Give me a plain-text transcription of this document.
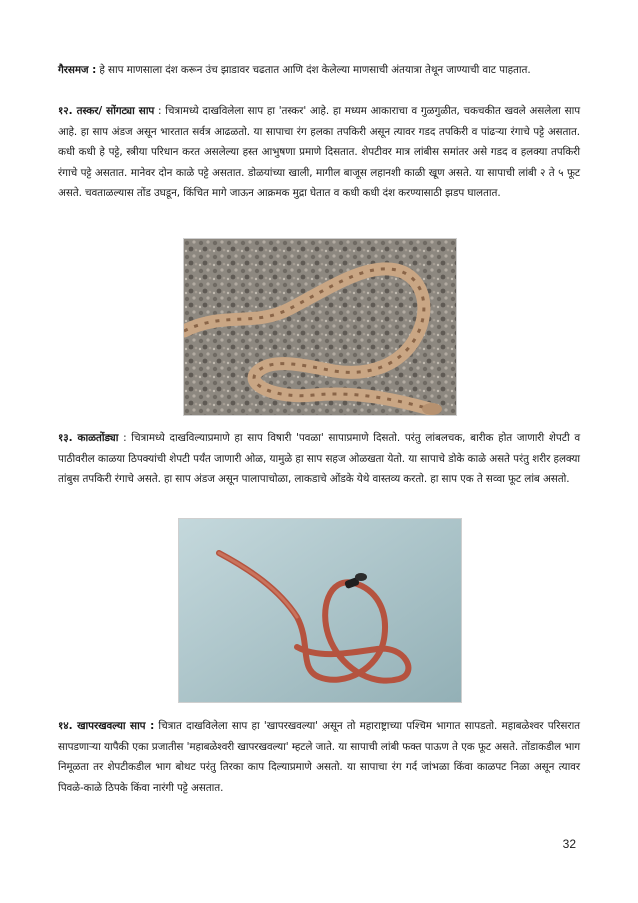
गैरसमज : हे साप माणसाला दंश करून उंच झाडावर चढतात आणि दंश केलेल्या माणसाची अंतयात्रा तेथून जाण्याची वाट पाहतात.

१२. तस्कर/ सोंगट्या साप : चित्रामध्ये दाखविलेला साप हा 'तस्कर' आहे. हा मध्यम आकाराचा व गुळगुळीत, चकचकीत खवले असलेला साप आहे. हा साप अंडज असून भारतात सर्वत्र आढळतो. या सापाचा रंग हलका तपकिरी असून त्यावर गडद तपकिरी व पांढऱ्या रंगाचे पट्टे असतात. कधी कधी हे पट्टे, स्त्रीया परिधान करत असलेल्या हस्त आभुषणा प्रमाणे दिसतात. शेपटीवर मात्र लांबीस समांतर असे गडद व हलक्या तपकिरी रंगाचे पट्टे असतात. मानेवर दोन काळे पट्टे असतात. डोळयांच्या खाली, मागील बाजूस लहानशी काळी खूण असते. या सापाची लांबी २ ते ५ फूट असते. चवताळल्यास तोंड उघडून, किंचित मागे जाऊन आक्रमक मुद्रा घेतात व कधी कधी दंश करण्यासाठी झडप घालतात.

१३. काळतोंड्या : चित्रामध्ये दाखविल्याप्रमाणे हा साप विषारी 'पवळा' सापाप्रमाणे दिसतो. परंतु लांबलचक, बारीक होत जाणारी शेपटी व पाठीवरील काळया ठिपक्यांची शेपटी पर्यंत जाणारी ओळ, यामुळे हा साप सहज ओळखता येतो. या सापाचे डोके काळे असते परंतु शरीर हलक्या तांबुस तपकिरी रंगाचे असते. हा साप अंडज असून पालापाचोळा, लाकडाचे ओंडके येथे वास्तव्य करतो. हा साप एक ते सव्वा फूट लांब असतो.

१४. खापरखवल्या साप : चित्रात दाखविलेला साप हा 'खापरखवल्या' असून तो महाराष्ट्राच्या पश्चिम भागात सापडतो. महाबळेश्वर परिसरात सापडणाऱ्या यापैकी एका प्रजातीस 'महाबळेश्वरी खापरखवल्या' म्हटले जाते. या सापाची लांबी फक्त पाऊण ते एक फूट असते. तोंडाकडील भाग निमूळता तर शेपटीकडील भाग बोथट परंतु तिरका काप दिल्याप्रमाणे असतो. या सापाचा रंग गर्द जांभळा किंवा काळपट निळा असून त्यावर पिवळे-काळे ठिपके किंवा नारंगी पट्टे असतात.

32
